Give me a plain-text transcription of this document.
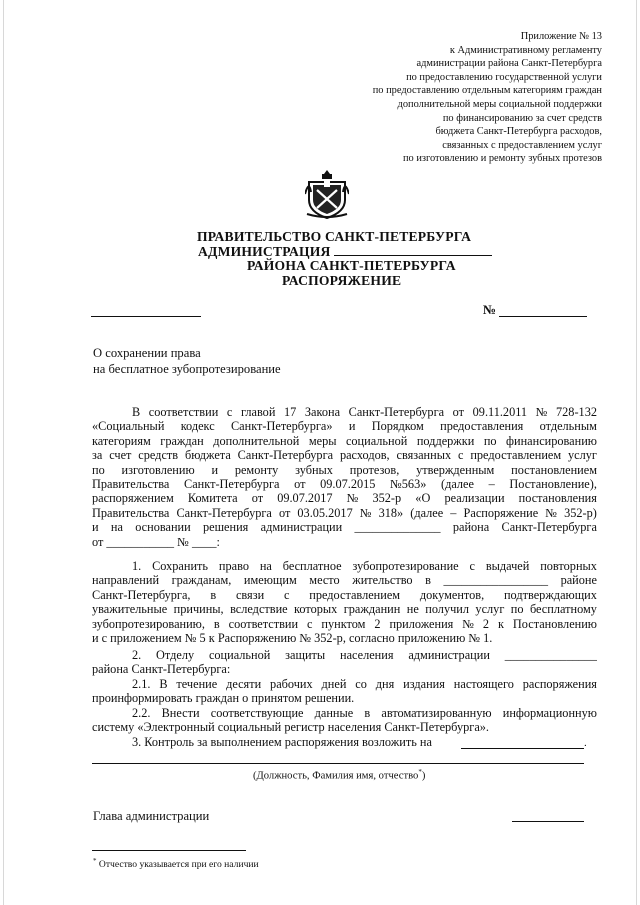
Приложение № 13
к Административному регламенту
администрации района Санкт-Петербурга
по предоставлению государственной услуги
по предоставлению отдельным категориям граждан
дополнительной меры социальной поддержки
по финансированию за счет средств
бюджета Санкт-Петербурга расходов,
связанных с предоставлением услуг
по изготовлению и ремонту зубных протезов
ПРАВИТЕЛЬСТВО САНКТ-ПЕТЕРБУРГА
АДМИНИСТРАЦИЯ
РАЙОНА САНКТ-ПЕТЕРБУРГА
РАСПОРЯЖЕНИЕ
№
О сохранении права
на бесплатное зубопротезирование
В соответствии с главой 17 Закона Санкт-Петербурга от 09.11.2011 № 728-132
«Социальный кодекс Санкт-Петербурга» и Порядком предоставления отдельным
категориям граждан дополнительной меры социальной поддержки по финансированию
за счет средств бюджета Санкт-Петербурга расходов, связанных с предоставлением услуг
по изготовлению и ремонту зубных протезов, утвержденным постановлением
Правительства Санкт-Петербурга от 09.07.2015 №563» (далее – Постановление),
распоряжением Комитета от 09.07.2017 № 352-р «О реализации постановления
Правительства Санкт-Петербурга от 03.05.2017 № 318» (далее – Распоряжение № 352-р)
и на основании решения администрации ______________ района Санкт-Петербурга
от ___________ № ____:
1. Сохранить право на бесплатное зубопротезирование с выдачей повторных
направлений гражданам, имеющим место жительство в _________________ районе
Санкт-Петербурга, в связи с предоставлением документов, подтверждающих
уважительные причины, вследствие которых гражданин не получил услуг по бесплатному
зубопротезированию, в соответствии с пунктом 2 приложения № 2 к Постановлению
и с приложением № 5 к Распоряжению № 352-р, согласно приложению № 1.
2. Отделу социальной защиты населения администрации _______________
района Санкт-Петербурга:
2.1. В течение десяти рабочих дней со дня издания настоящего распоряжения
проинформировать граждан о принятом решении.
2.2. Внести соответствующие данные в автоматизированную информационную
систему «Электронный социальный регистр населения Санкт-Петербурга».
3. Контроль за выполнением распоряжения возложить на	.
(Должность, Фамилия имя, отчество*)
Глава администрации
* Отчество указывается при его наличии
